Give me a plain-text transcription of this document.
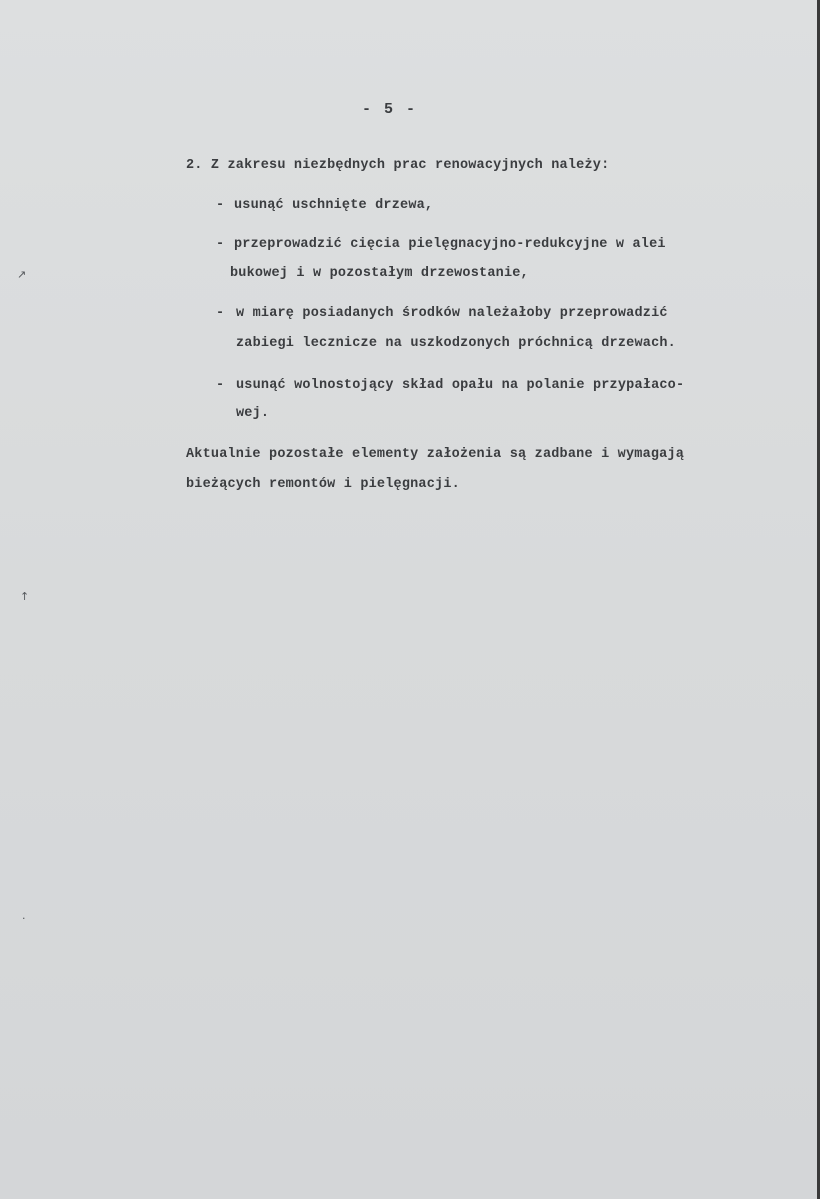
- 5 -
2. Z zakresu niezbędnych prac renowacyjnych należy:
- usunąć uschnięte drzewa,
- przeprowadzić cięcia pielęgnacyjno-redukcyjne w alei
bukowej i w pozostałym drzewostanie,
- w miarę posiadanych środków należałoby przeprowadzić
zabiegi lecznicze na uszkodzonych próchnicą drzewach.
- usunąć wolnostojący skład opału na polanie przypałaco-
wej.
Aktualnie pozostałe elementy założenia są zadbane i wymagają
bieżących remontów i pielęgnacji.
↗
↑
·
